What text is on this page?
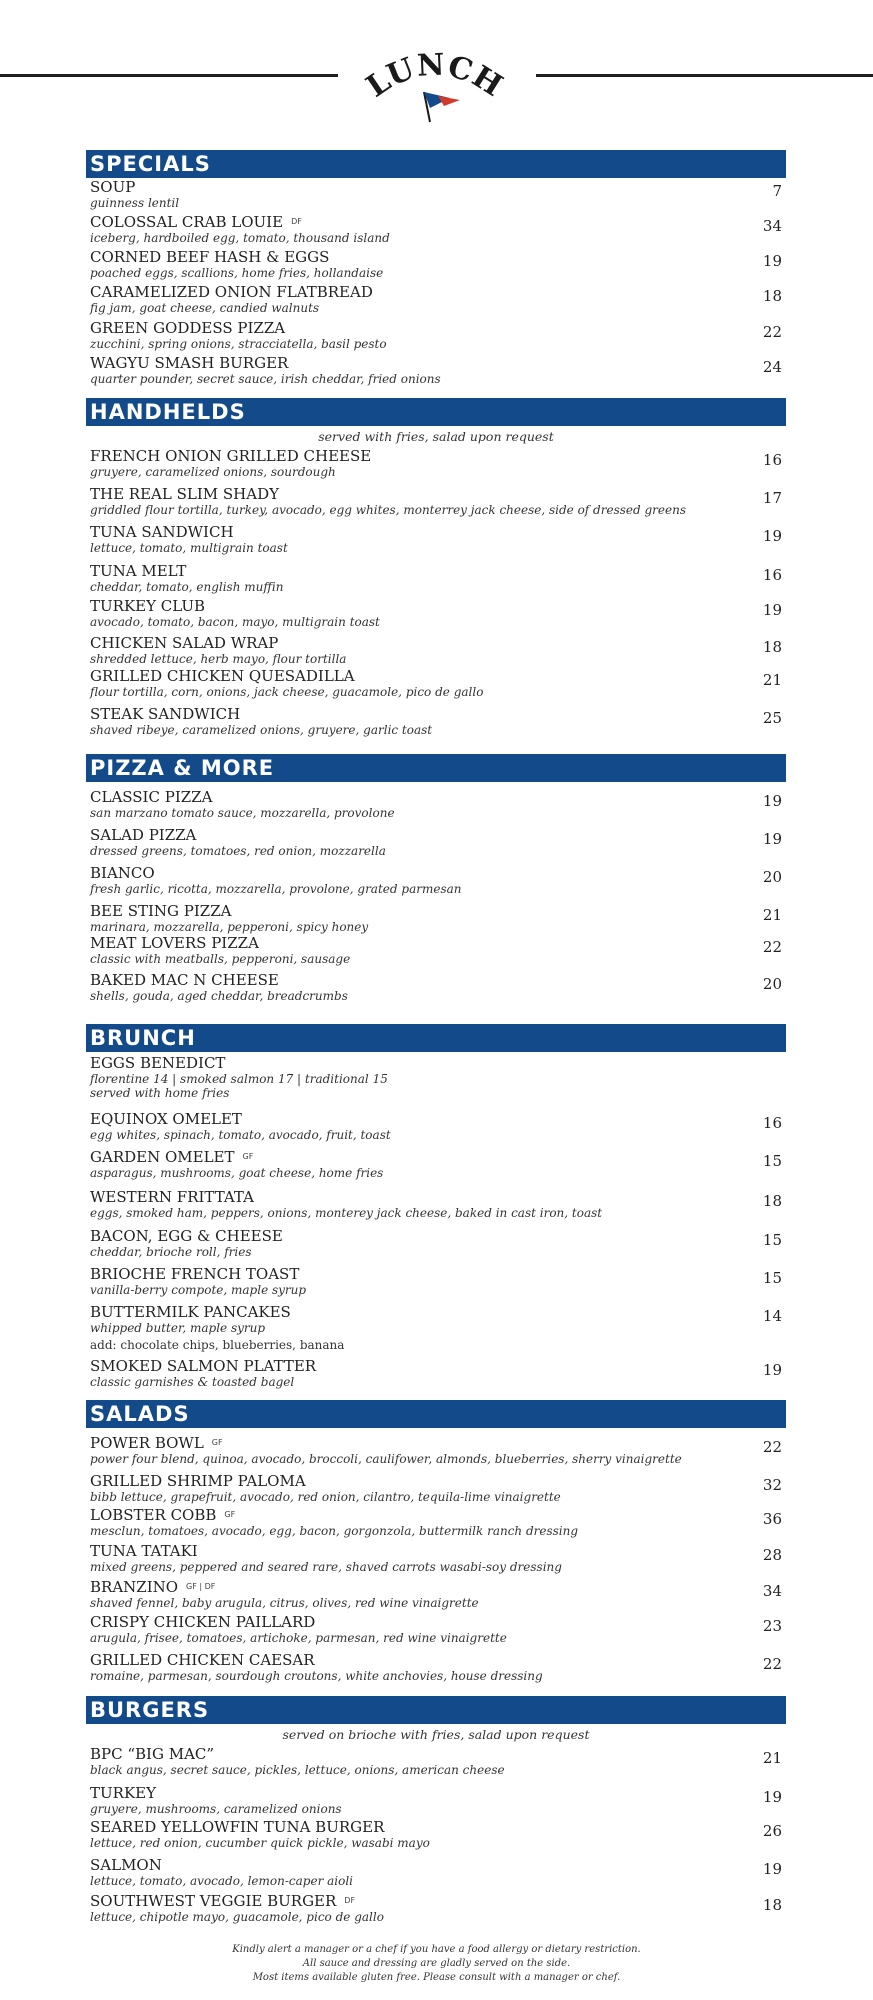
LUNCH
SPECIALS
SOUP
guinness lentil
7
COLOSSAL CRAB LOUIE $^{DF}$
iceberg, hardboiled egg, tomato, thousand island
34
CORNED BEEF HASH & EGGS
poached eggs, scallions, home fries, hollandaise
19
CARAMELIZED ONION FLATBREAD
fig jam, goat cheese, candied walnuts
18
GREEN GODDESS PIZZA
zucchini, spring onions, stracciatella, basil pesto
22
WAGYU SMASH BURGER
quarter pounder, secret sauce, irish cheddar, fried onions
24
HANDHELDS
served with fries, salad upon request
FRENCH ONION GRILLED CHEESE
gruyere, caramelized onions, sourdough
16
THE REAL SLIM SHADY
griddled flour tortilla, turkey, avocado, egg whites, monterrey jack cheese, side of dressed greens
17
TUNA SANDWICH
lettuce, tomato, multigrain toast
19
TUNA MELT
cheddar, tomato, english muffin
16
TURKEY CLUB
avocado, tomato, bacon, mayo, multigrain toast
19
CHICKEN SALAD WRAP
shredded lettuce, herb mayo, flour tortilla
18
GRILLED CHICKEN QUESADILLA
flour tortilla, corn, onions, jack cheese, guacamole, pico de gallo
21
STEAK SANDWICH
shaved ribeye, caramelized onions, gruyere, garlic toast
25
PIZZA & MORE
CLASSIC PIZZA
san marzano tomato sauce, mozzarella, provolone
19
SALAD PIZZA
dressed greens, tomatoes, red onion, mozzarella
19
BIANCO
fresh garlic, ricotta, mozzarella, provolone, grated parmesan
20
BEE STING PIZZA
marinara, mozzarella, pepperoni, spicy honey
21
MEAT LOVERS PIZZA
classic with meatballs, pepperoni, sausage
22
BAKED MAC N CHEESE
shells, gouda, aged cheddar, breadcrumbs
20
BRUNCH
EGGS BENEDICT
florentine 14 | smoked salmon 17 | traditional 15
served with home fries
EQUINOX OMELET
egg whites, spinach, tomato, avocado, fruit, toast
16
GARDEN OMELET $^{GF}$
asparagus, mushrooms, goat cheese, home fries
15
WESTERN FRITTATA
eggs, smoked ham, peppers, onions, monterey jack cheese, baked in cast iron, toast
18
BACON, EGG & CHEESE
cheddar, brioche roll, fries
15
BRIOCHE FRENCH TOAST
vanilla-berry compote, maple syrup
15
BUTTERMILK PANCAKES
whipped butter, maple syrup
add: chocolate chips, blueberries, banana
14
SMOKED SALMON PLATTER
classic garnishes & toasted bagel
19
SALADS
POWER BOWL $^{GF}$
power four blend, quinoa, avocado, broccoli, caulifower, almonds, blueberries, sherry vinaigrette
22
GRILLED SHRIMP PALOMA
bibb lettuce, grapefruit, avocado, red onion, cilantro, tequila-lime vinaigrette
32
LOBSTER COBB $^{GF}$
mesclun, tomatoes, avocado, egg, bacon, gorgonzola, buttermilk ranch dressing
36
TUNA TATAKI
mixed greens, peppered and seared rare, shaved carrots wasabi-soy dressing
28
BRANZINO $^{GF | DF}$
shaved fennel, baby arugula, citrus, olives, red wine vinaigrette
34
CRISPY CHICKEN PAILLARD
arugula, frisee, tomatoes, artichoke, parmesan, red wine vinaigrette
23
GRILLED CHICKEN CAESAR
romaine, parmesan, sourdough croutons, white anchovies, house dressing
22
BURGERS
served on brioche with fries, salad upon request
BPC “BIG MAC”
black angus, secret sauce, pickles, lettuce, onions, american cheese
21
TURKEY
gruyere, mushrooms, caramelized onions
19
SEARED YELLOWFIN TUNA BURGER
lettuce, red onion, cucumber quick pickle, wasabi mayo
26
SALMON
lettuce, tomato, avocado, lemon-caper aioli
19
SOUTHWEST VEGGIE BURGER $^{DF}$
lettuce, chipotle mayo, guacamole, pico de gallo
18
Kindly alert a manager or a chef if you have a food allergy or dietary restriction.
All sauce and dressing are gladly served on the side.
Most items available gluten free. Please consult with a manager or chef.
